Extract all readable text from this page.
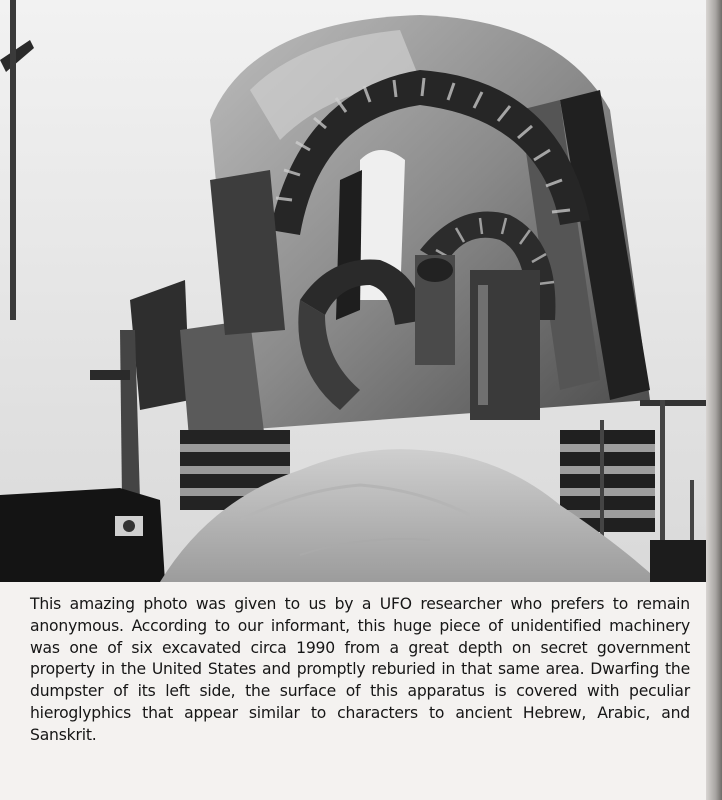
This amazing photo was given to us by a UFO researcher who prefers to remain anonymous. According to our informant, this huge piece of unidentified machinery was one of six excavated circa 1990 from a great depth on secret government property in the United States and promptly reburied in that same area. Dwarfing the dumpster of its left side, the surface of this apparatus is covered with peculiar hieroglyphics that appear similar to characters to ancient Hebrew, Arabic, and Sanskrit.
